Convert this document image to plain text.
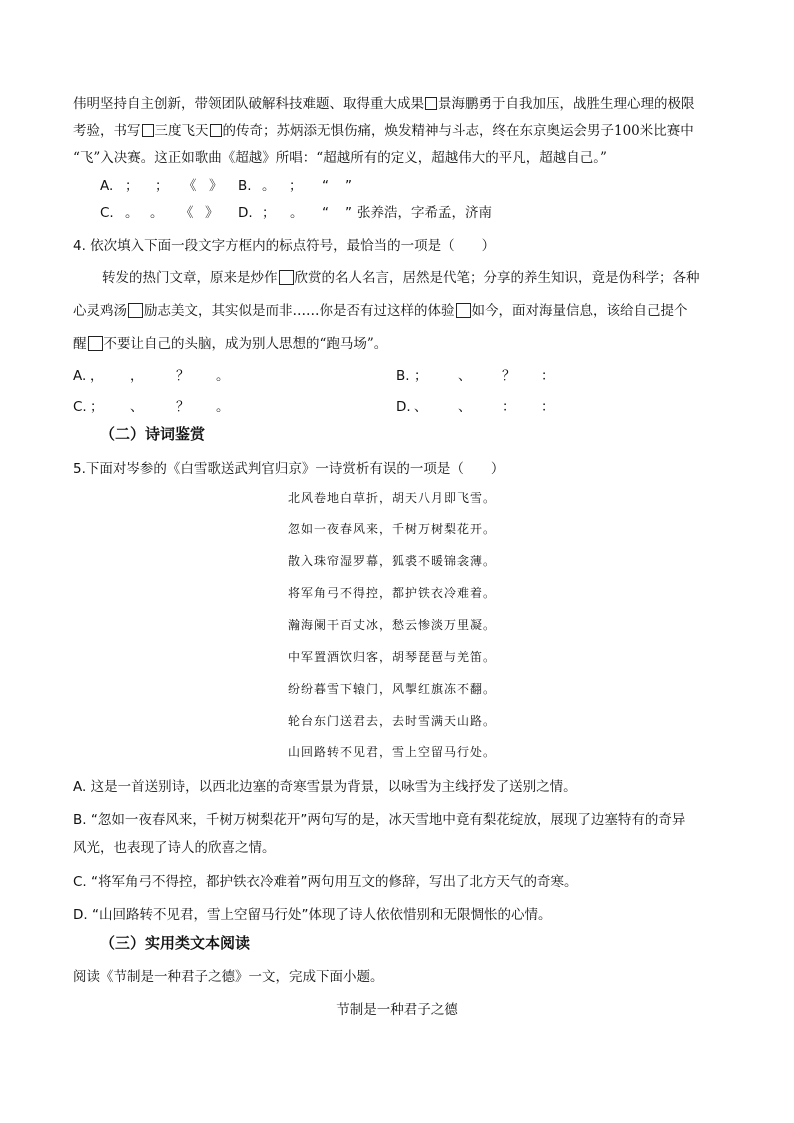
伟明坚持自主创新，带领团队破解科技难题、取得重大成果 景海鹏勇于自我加压，战胜生理心理的极限
考验，书写 三度飞天 的传奇；苏炳添无惧伤痛，焕发精神与斗志，终在东京奥运会男子100米比赛中
“飞”入决赛。这正如歌曲《超越》所唱：“超越所有的定义，超越伟大的平凡，超越自己。”
A. ； ； 《 》 B. 。 ； “ ”
C. 。 。 《 》 D. ； 。 “ ” 张养浩，字希孟，济南
4. 依次填入下面一段文字方框内的标点符号，最恰当的一项是（　　）
转发的热门文章，原来是炒作 欣赏的名人名言，居然是代笔；分享的养生知识，竟是伪科学；各种
心灵鸡汤 励志美文，其实似是而非……你是否有过这样的体验 如今，面对海量信息，该给自己提个
醒 不要让自己的头脑，成为别人思想的“跑马场”。
A. ， ， ？ 。	B. ； 、 ？ ：
C. ； 、 ？ 。	D. 、 、 ： ：
（二）诗词鉴赏
5.下面对岑参的《白雪歌送武判官归京》一诗赏析有误的一项是（　　）
北风卷地白草折，胡天八月即飞雪。
忽如一夜春风来，千树万树梨花开。
散入珠帘湿罗幕，狐裘不暖锦衾薄。
将军角弓不得控，都护铁衣冷难着。
瀚海阑干百丈冰，愁云惨淡万里凝。
中军置酒饮归客，胡琴琵琶与羌笛。
纷纷暮雪下辕门，风掣红旗冻不翻。
轮台东门送君去，去时雪满天山路。
山回路转不见君，雪上空留马行处。
A. 这是一首送别诗，以西北边塞的奇寒雪景为背景，以咏雪为主线抒发了送别之情。
B. “忽如一夜春风来，千树万树梨花开”两句写的是，冰天雪地中竟有梨花绽放，展现了边塞特有的奇异
风光，也表现了诗人的欣喜之情。
C. “将军角弓不得控，都护铁衣冷难着”两句用互文的修辞，写出了北方天气的奇寒。
D. “山回路转不见君，雪上空留马行处”体现了诗人依依惜别和无限惆怅的心情。
（三）实用类文本阅读
阅读《节制是一种君子之德》一文，完成下面小题。
节制是一种君子之德
